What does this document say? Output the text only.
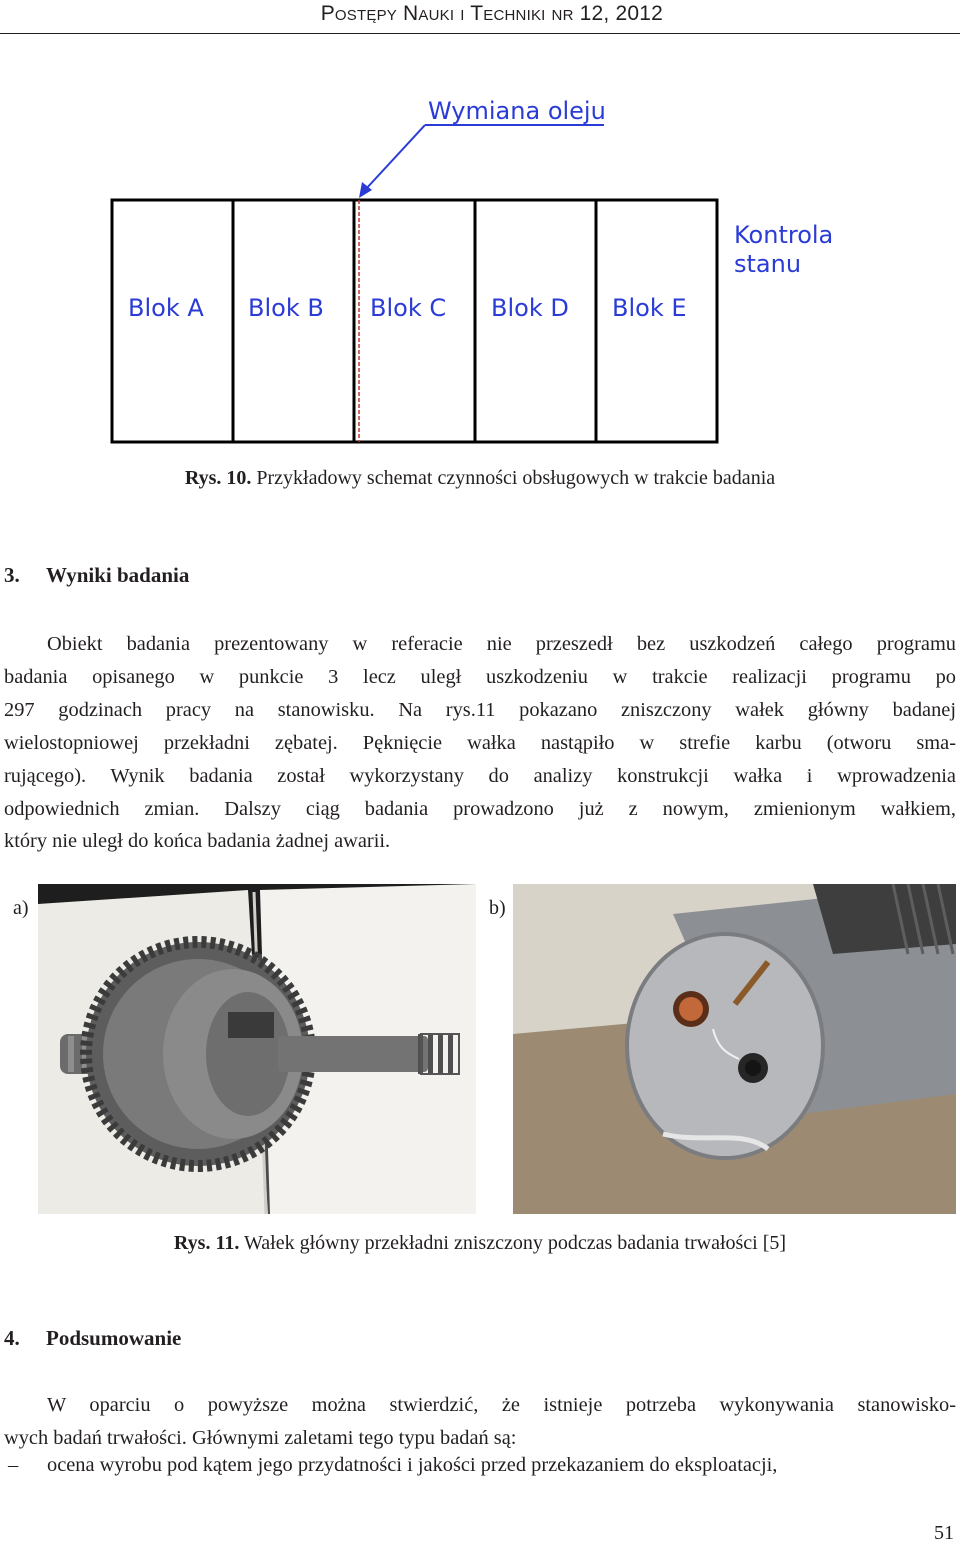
Postępy Nauki i Techniki nr 12, 2012
Wymiana oleju
Blok A Blok B Blok C Blok D Blok E
Kontrola
stanu
Rys. 10. Przykładowy schemat czynności obsługowych w trakcie badania
3. Wyniki badania
Obiekt badania prezentowany w referacie nie przeszedł bez uszkodzeń całego programu
badania opisanego w punkcie 3 lecz uległ uszkodzeniu w trakcie realizacji programu po
297 godzinach pracy na stanowisku. Na rys.11 pokazano zniszczony wałek główny badanej
wielostopniowej przekładni zębatej. Pęknięcie wałka nastąpiło w strefie karbu (otworu sma-
rującego). Wynik badania został wykorzystany do analizy konstrukcji wałka i wprowadzenia
odpowiednich zmian. Dalszy ciąg badania prowadzono już z nowym, zmienionym wałkiem,
który nie uległ do końca badania żadnej awarii.
a)	b)
Rys. 11. Wałek główny przekładni zniszczony podczas badania trwałości [5]
4. Podsumowanie
W oparciu o powyższe można stwierdzić, że istnieje potrzeba wykonywania stanowisko-
wych badań trwałości. Głównymi zaletami tego typu badań są:
– ocena wyrobu pod kątem jego przydatności i jakości przed przekazaniem do eksploatacji,
51
